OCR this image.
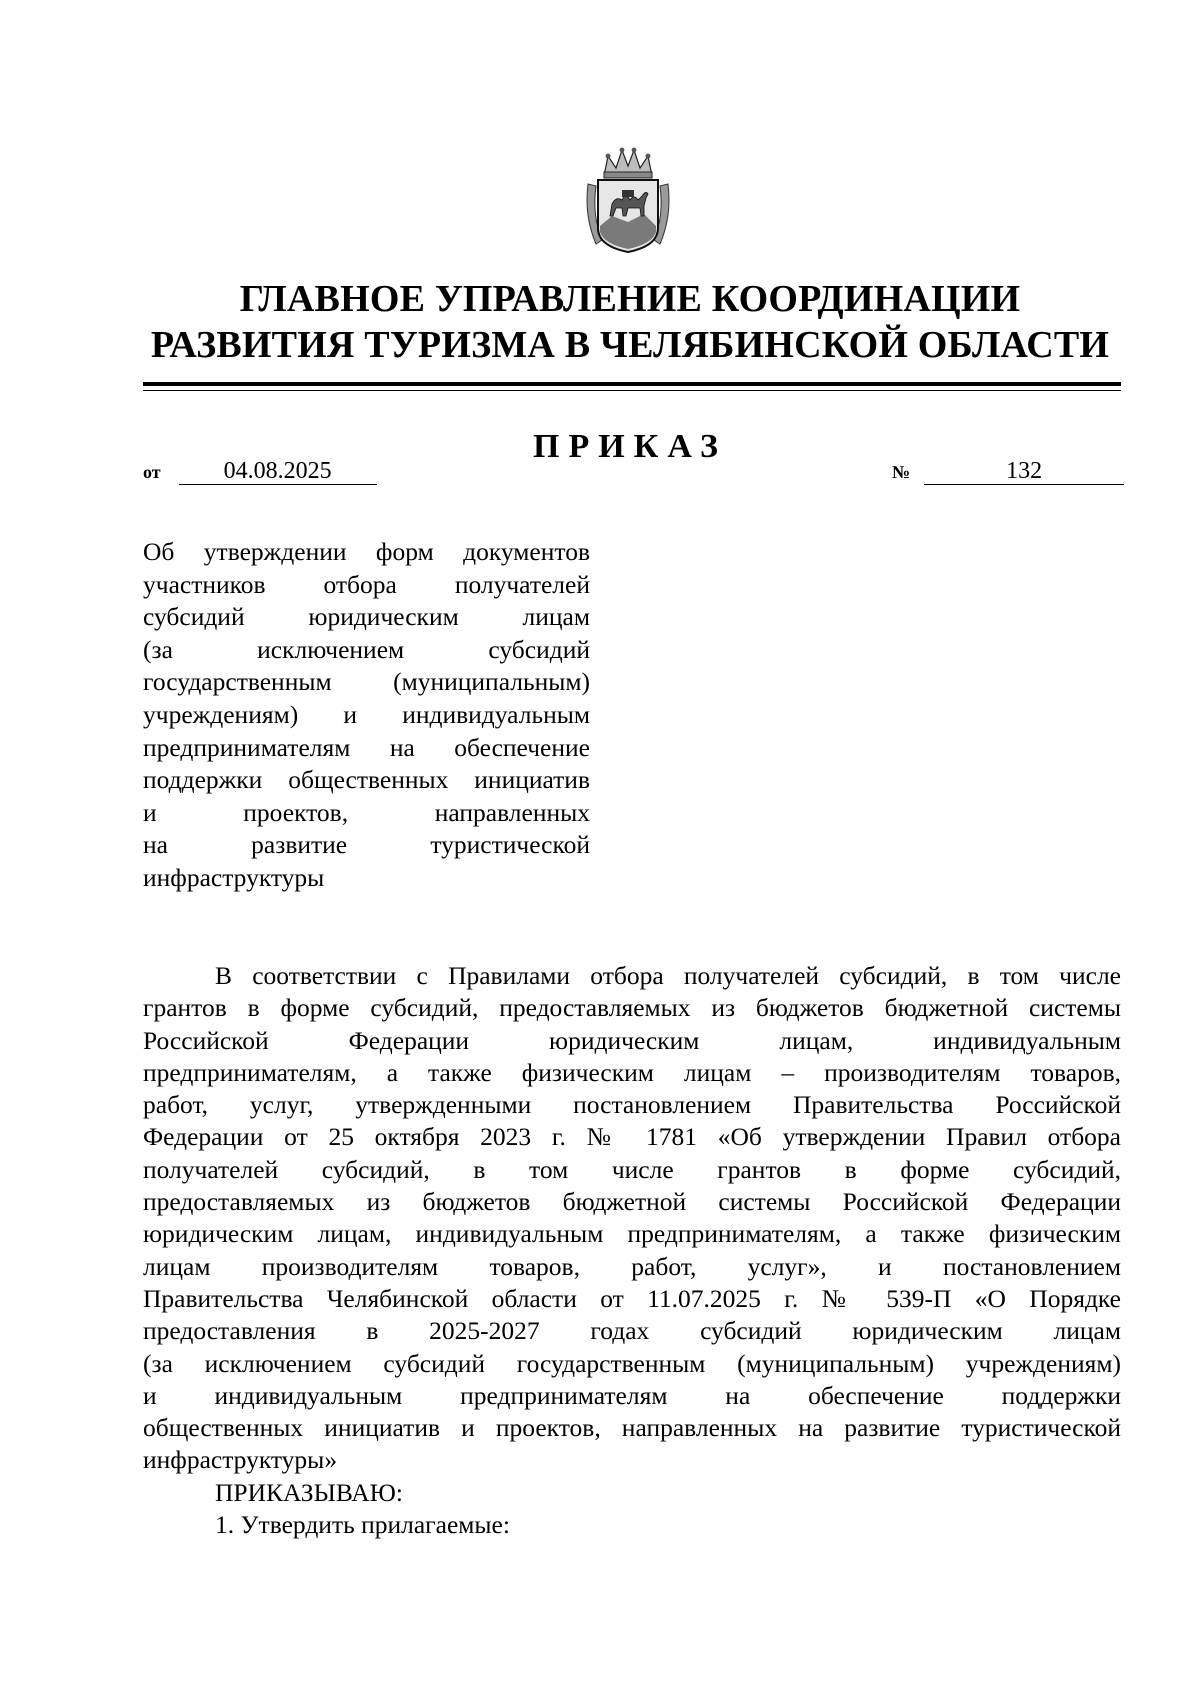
ГЛАВНОЕ УПРАВЛЕНИЕ КООРДИНАЦИИ
РАЗВИТИЯ ТУРИЗМА В ЧЕЛЯБИНСКОЙ ОБЛАСТИ
ПРИКАЗ
от	04.08.2025	№	132
Об утверждении форм документов
участников отбора получателей
субсидий юридическим лицам
(за исключением субсидий
государственным (муниципальным)
учреждениям) и индивидуальным
предпринимателям на обеспечение
поддержки общественных инициатив
и проектов, направленных
на развитие туристической
инфраструктуры
В соответствии с Правилами отбора получателей субсидий, в том числе
грантов в форме субсидий, предоставляемых из бюджетов бюджетной системы
Российской Федерации юридическим лицам, индивидуальным
предпринимателям, а также физическим лицам – производителям товаров,
работ, услуг, утвержденными постановлением Правительства Российской
Федерации от 25 октября 2023 г. № 1781 «Об утверждении Правил отбора
получателей субсидий, в том числе грантов в форме субсидий,
предоставляемых из бюджетов бюджетной системы Российской Федерации
юридическим лицам, индивидуальным предпринимателям, а также физическим
лицам производителям товаров, работ, услуг», и постановлением
Правительства Челябинской области от 11.07.2025 г. № 539-П «О Порядке
предоставления в 2025-2027 годах субсидий юридическим лицам
(за исключением субсидий государственным (муниципальным) учреждениям)
и индивидуальным предпринимателям на обеспечение поддержки
общественных инициатив и проектов, направленных на развитие туристической
инфраструктуры»
ПРИКАЗЫВАЮ:
1. Утвердить прилагаемые:
